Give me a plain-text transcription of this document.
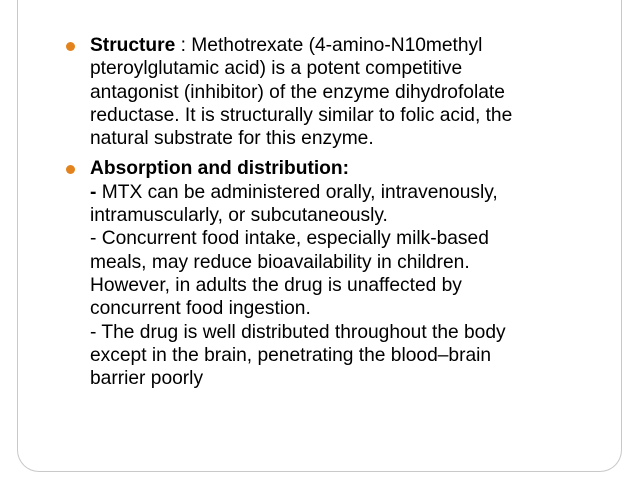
Structure : Methotrexate (4-amino-N10methyl
pteroylglutamic acid) is a potent competitive
antagonist (inhibitor) of the enzyme dihydrofolate
reductase. It is structurally similar to folic acid, the
natural substrate for this enzyme.
Absorption and distribution:
- MTX can be administered orally, intravenously,
intramuscularly, or subcutaneously.
- Concurrent food intake, especially milk-based
meals, may reduce bioavailability in children.
However, in adults the drug is unaffected by
concurrent food ingestion.
- The drug is well distributed throughout the body
except in the brain, penetrating the blood–brain
barrier poorly
